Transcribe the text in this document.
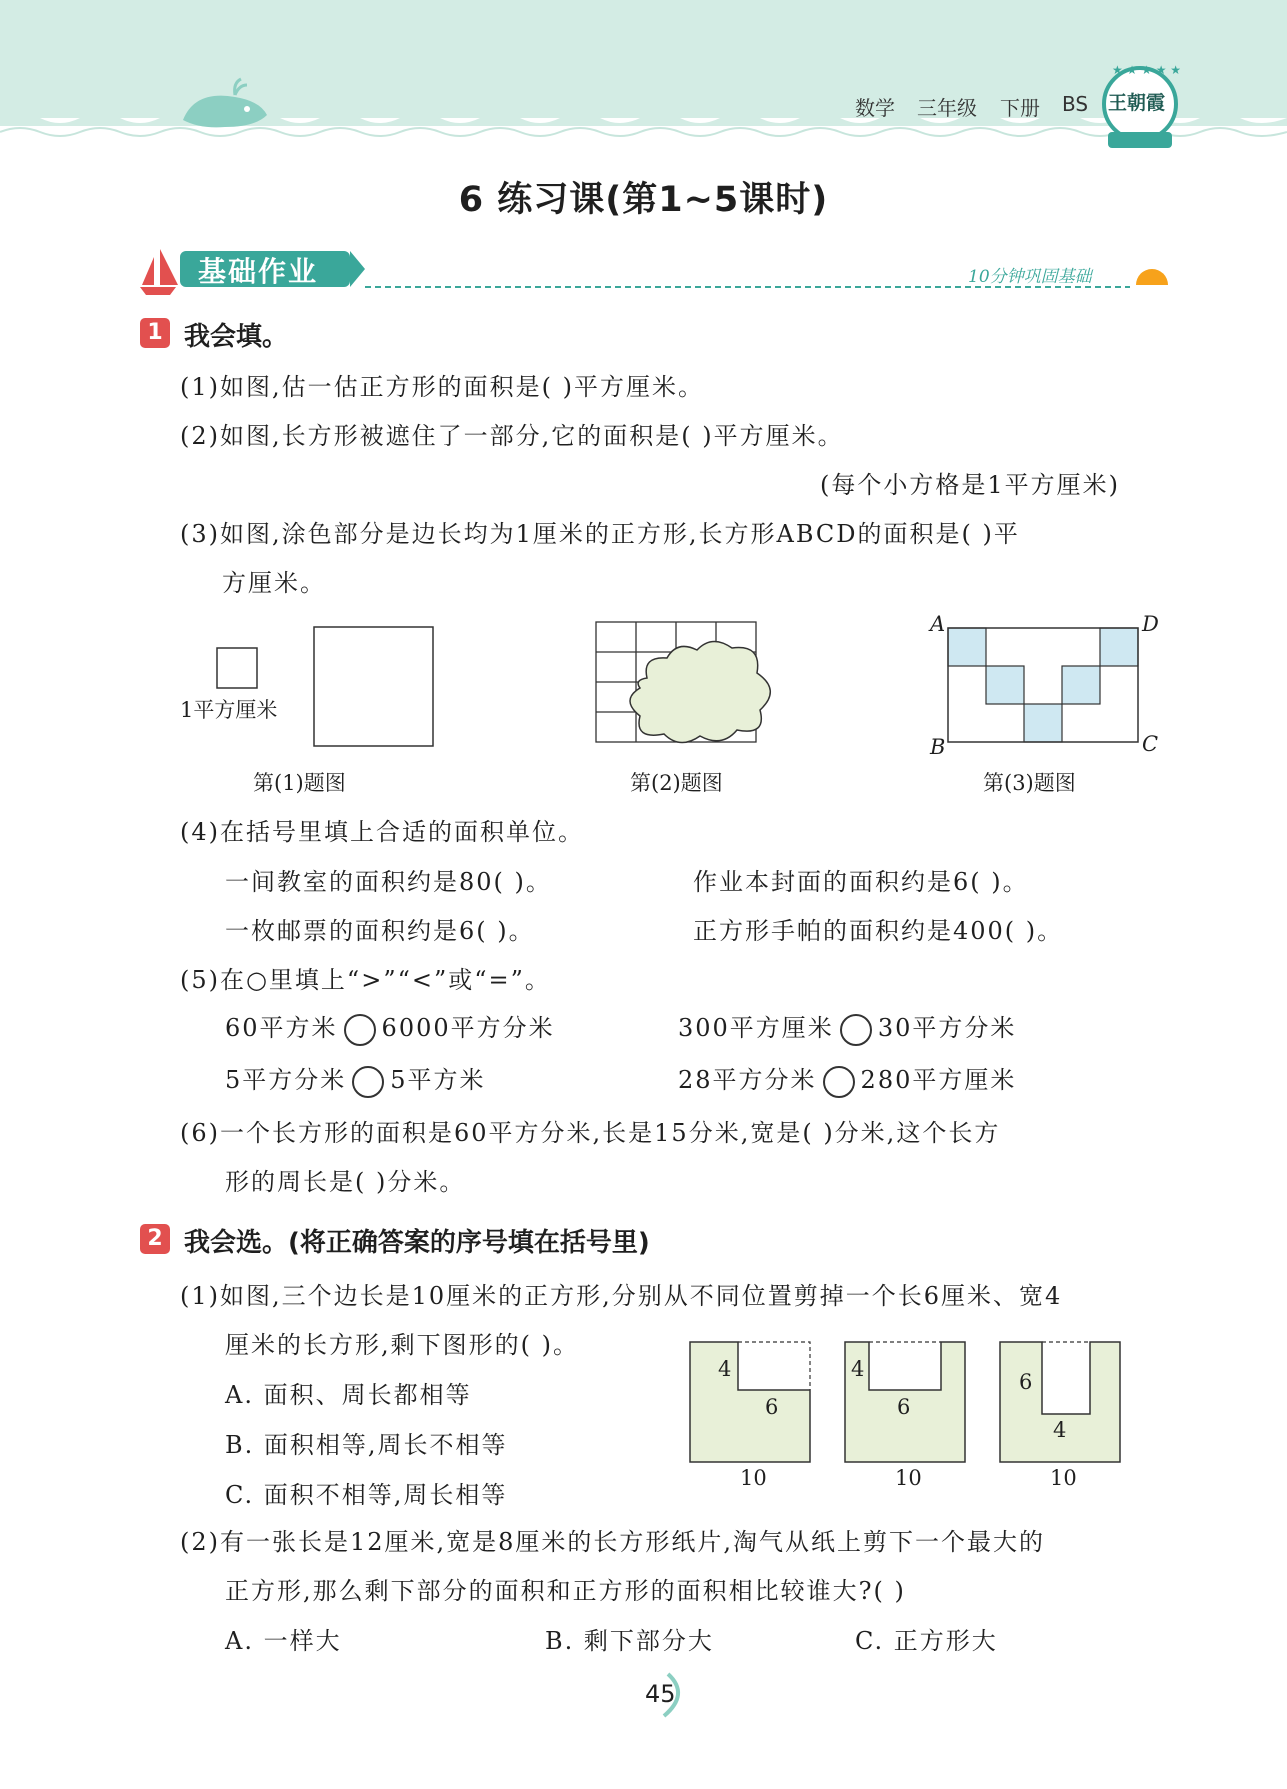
数学 三年级 下册 BS
★ ★ ★ ★ ★
王朝霞
6 练习课(第1~5课时)
基础作业	10分钟巩固基础
1 我会填。
(1)如图,估一估正方形的面积是( )平方厘米。
(2)如图,长方形被遮住了一部分,它的面积是( )平方厘米。
(每个小方格是1平方厘米)
(3)如图,涂色部分是边长均为1厘米的正方形,长方形ABCD的面积是( )平
方厘米。
1平方厘米
第(1)题图	第(2)题图
A	D
B	C
第(3)题图
(4)在括号里填上合适的面积单位。
一间教室的面积约是80( )。	作业本封面的面积约是6( )。
一枚邮票的面积约是6( )。	正方形手帕的面积约是400( )。
(5)在○里填上“>”“<”或“=”。
60平方米 6000平方分米	300平方厘米 30平方分米
5平方分米 5平方米	28平方分米 280平方厘米
(6)一个长方形的面积是60平方分米,长是15分米,宽是( )分米,这个长方
形的周长是( )分米。
2 我会选。(将正确答案的序号填在括号里)
(1)如图,三个边长是10厘米的正方形,分别从不同位置剪掉一个长6厘米、宽4
厘米的长方形,剩下图形的( )。
A. 面积、周长都相等
B. 面积相等,周长不相等
C. 面积不相等,周长相等
4
6
10
4
6
10
6
4
10
(2)有一张长是12厘米,宽是8厘米的长方形纸片,淘气从纸上剪下一个最大的
正方形,那么剩下部分的面积和正方形的面积相比较谁大?( )
A. 一样大	B. 剩下部分大	C. 正方形大
45
